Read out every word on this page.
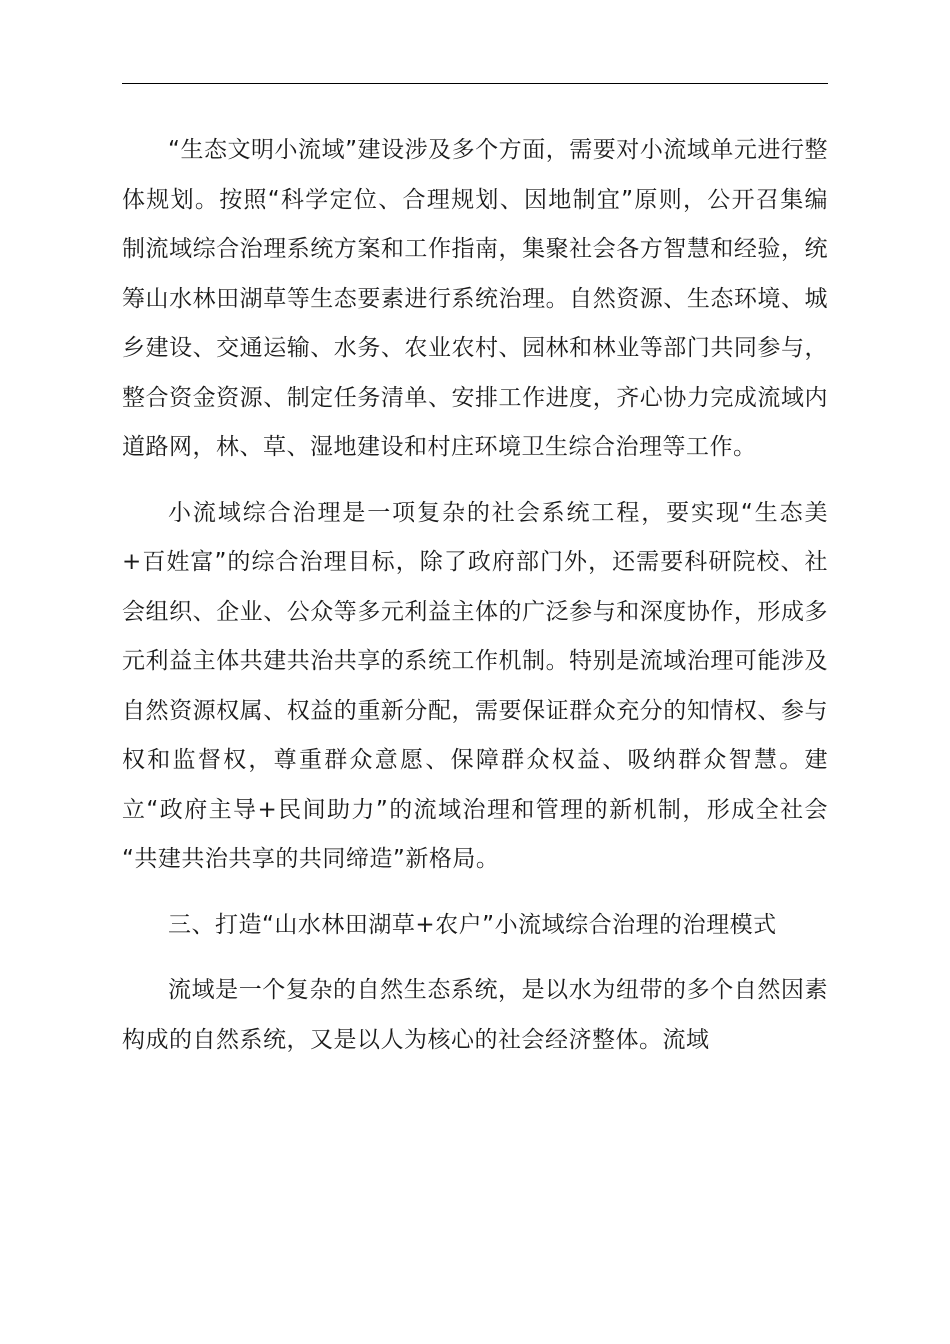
“生态文明小流域”建设涉及多个方面，需要对小流域单元进行整体规划。按照“科学定位、合理规划、因地制宜”原则，公开召集编制流域综合治理系统方案和工作指南，集聚社会各方智慧和经验，统筹山水林田湖草等生态要素进行系统治理。自然资源、生态环境、城乡建设、交通运输、水务、农业农村、园林和林业等部门共同参与，整合资金资源、制定任务清单、安排工作进度，齐心协力完成流域内道路网，林、草、湿地建设和村庄环境卫生综合治理等工作。

小流域综合治理是一项复杂的社会系统工程，要实现“生态美+百姓富”的综合治理目标，除了政府部门外，还需要科研院校、社会组织、企业、公众等多元利益主体的广泛参与和深度协作，形成多元利益主体共建共治共享的系统工作机制。特别是流域治理可能涉及自然资源权属、权益的重新分配，需要保证群众充分的知情权、参与权和监督权，尊重群众意愿、保障群众权益、吸纳群众智慧。建立“政府主导+民间助力”的流域治理和管理的新机制，形成全社会 “共建共治共享的共同缔造”新格局。

三、打造“山水林田湖草+农户”小流域综合治理的治理模式

流域是一个复杂的自然生态系统，是以水为纽带的多个自然因素构成的自然系统，又是以人为核心的社会经济整体。流域
